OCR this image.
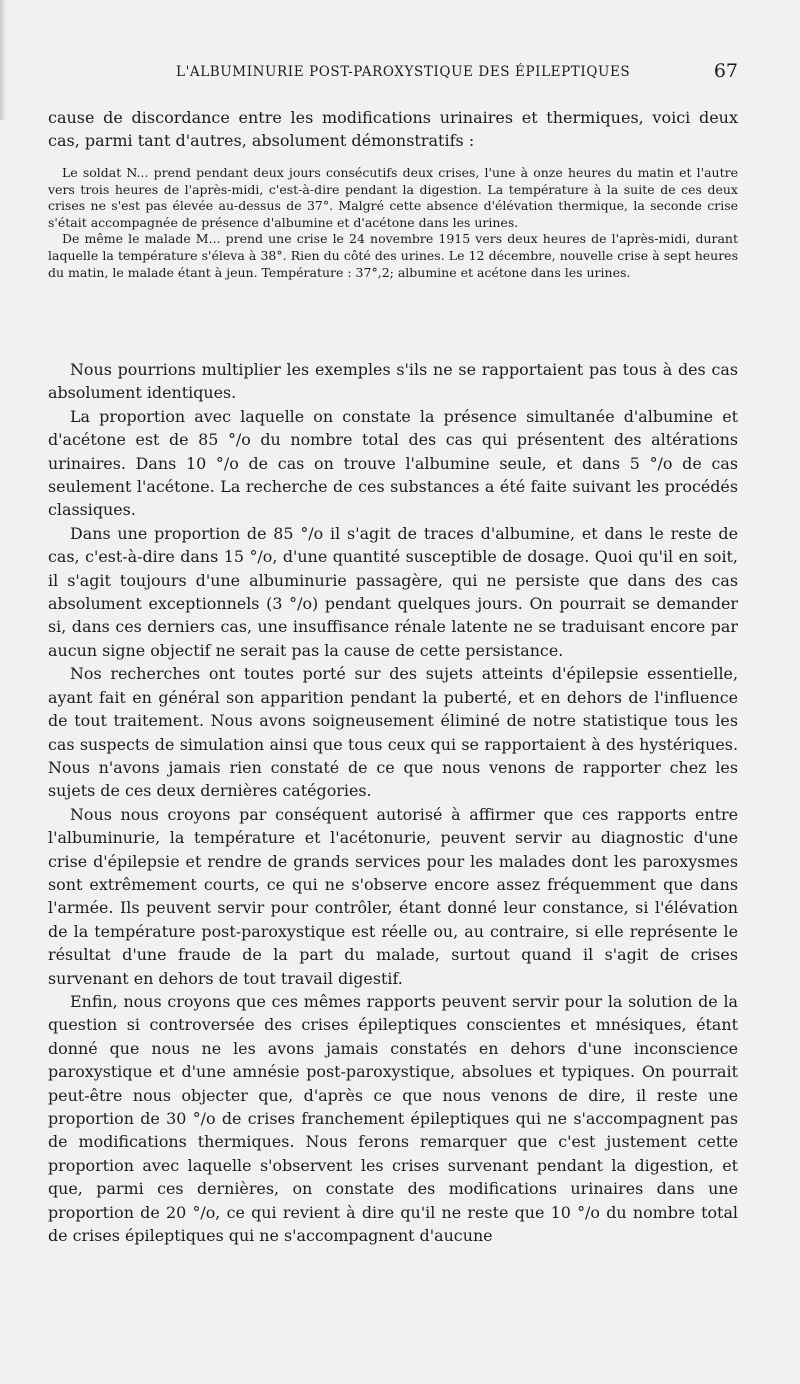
L'ALBUMINURIE POST-PAROXYSTIQUE DES ÉPILEPTIQUES	67

cause de discordance entre les modifications urinaires et thermiques, voici deux cas, parmi tant d'autres, absolument démonstratifs :

Le soldat N... prend pendant deux jours consécutifs deux crises, l'une à onze heures du matin et l'autre vers trois heures de l'après-midi, c'est-à-dire pendant la digestion. La température à la suite de ces deux crises ne s'est pas élevée au-dessus de 37°. Malgré cette absence d'élévation thermique, la seconde crise s'était accompagnée de présence d'albumine et d'acétone dans les urines.

De même le malade M... prend une crise le 24 novembre 1915 vers deux heures de l'après-midi, durant laquelle la température s'éleva à 38°. Rien du côté des urines. Le 12 décembre, nouvelle crise à sept heures du matin, le malade étant à jeun. Température : 37°,2; albumine et acétone dans les urines.

Nous pourrions multiplier les exemples s'ils ne se rapportaient pas tous à des cas absolument identiques.

La proportion avec laquelle on constate la présence simultanée d'albumine et d'acétone est de 85 °/o du nombre total des cas qui présentent des altérations urinaires. Dans 10 °/o de cas on trouve l'albumine seule, et dans 5 °/o de cas seulement l'acétone. La recherche de ces substances a été faite suivant les procédés classiques.

Dans une proportion de 85 °/o il s'agit de traces d'albumine, et dans le reste de cas, c'est-à-dire dans 15 °/o, d'une quantité susceptible de dosage. Quoi qu'il en soit, il s'agit toujours d'une albuminurie passagère, qui ne persiste que dans des cas absolument exceptionnels (3 °/o) pendant quelques jours. On pourrait se demander si, dans ces derniers cas, une insuffisance rénale latente ne se traduisant encore par aucun signe objectif ne serait pas la cause de cette persistance.

Nos recherches ont toutes porté sur des sujets atteints d'épilepsie essentielle, ayant fait en général son apparition pendant la puberté, et en dehors de l'influence de tout traitement. Nous avons soigneusement éliminé de notre statistique tous les cas suspects de simulation ainsi que tous ceux qui se rapportaient à des hystériques. Nous n'avons jamais rien constaté de ce que nous venons de rapporter chez les sujets de ces deux dernières catégories.

Nous nous croyons par conséquent autorisé à affirmer que ces rapports entre l'albuminurie, la température et l'acétonurie, peuvent servir au diagnostic d'une crise d'épilepsie et rendre de grands services pour les malades dont les paroxysmes sont extrêmement courts, ce qui ne s'observe encore assez fréquemment que dans l'armée. Ils peuvent servir pour contrôler, étant donné leur constance, si l'élévation de la température post-paroxystique est réelle ou, au contraire, si elle représente le résultat d'une fraude de la part du malade, surtout quand il s'agit de crises survenant en dehors de tout travail digestif.

Enfin, nous croyons que ces mêmes rapports peuvent servir pour la solution de la question si controversée des crises épileptiques conscientes et mnésiques, étant donné que nous ne les avons jamais constatés en dehors d'une inconscience paroxystique et d'une amnésie post-paroxystique, absolues et typiques. On pourrait peut-être nous objecter que, d'après ce que nous venons de dire, il reste une proportion de 30 °/o de crises franchement épileptiques qui ne s'accompagnent pas de modifications thermiques. Nous ferons remarquer que c'est justement cette proportion avec laquelle s'observent les crises survenant pendant la digestion, et que, parmi ces dernières, on constate des modifications urinaires dans une proportion de 20 °/o, ce qui revient à dire qu'il ne reste que 10 °/o du nombre total de crises épileptiques qui ne s'accompagnent d'aucune
